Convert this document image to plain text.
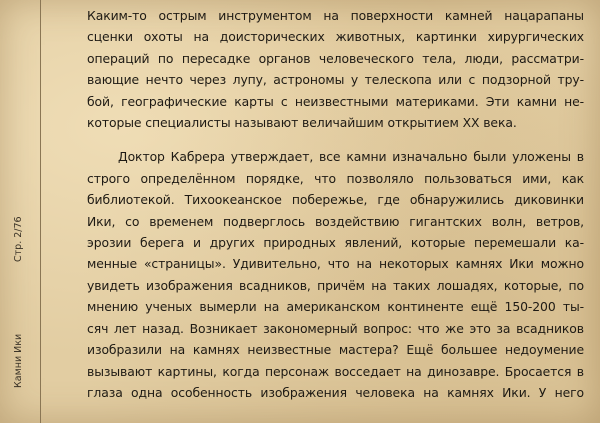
Камни Ики
Стр. 2/76
Каким-то острым инструментом на поверхности камней нацарапаны
сценки охоты на доисторических животных, картинки хирургических
операций по пересадке органов человеческого тела, люди, рассматри-
вающие нечто через лупу, астрономы у телескопа или с подзорной тру-
бой, географические карты с неизвестными материками. Эти камни не-
которые специалисты называют величайшим открытием XX века.
Доктор Кабрера утверждает, все камни изначально были уложены в
строго определённом порядке, что позволяло пользоваться ими, как
библиотекой. Тихоокеанское побережье, где обнаружились диковинки
Ики, со временем подверглось воздействию гигантских волн, ветров,
эрозии берега и других природных явлений, которые перемешали ка-
менные «страницы». Удивительно, что на некоторых камнях Ики можно
увидеть изображения всадников, причём на таких лошадях, которые, по
мнению ученых вымерли на американском континенте ещё 150-200 ты-
сяч лет назад. Возникает закономерный вопрос: что же это за всадников
изобразили на камнях неизвестные мастера? Ещё большее недоумение
вызывают картины, когда персонаж восседает на динозавре. Бросается в
глаза одна особенность изображения человека на камнях Ики. У него
